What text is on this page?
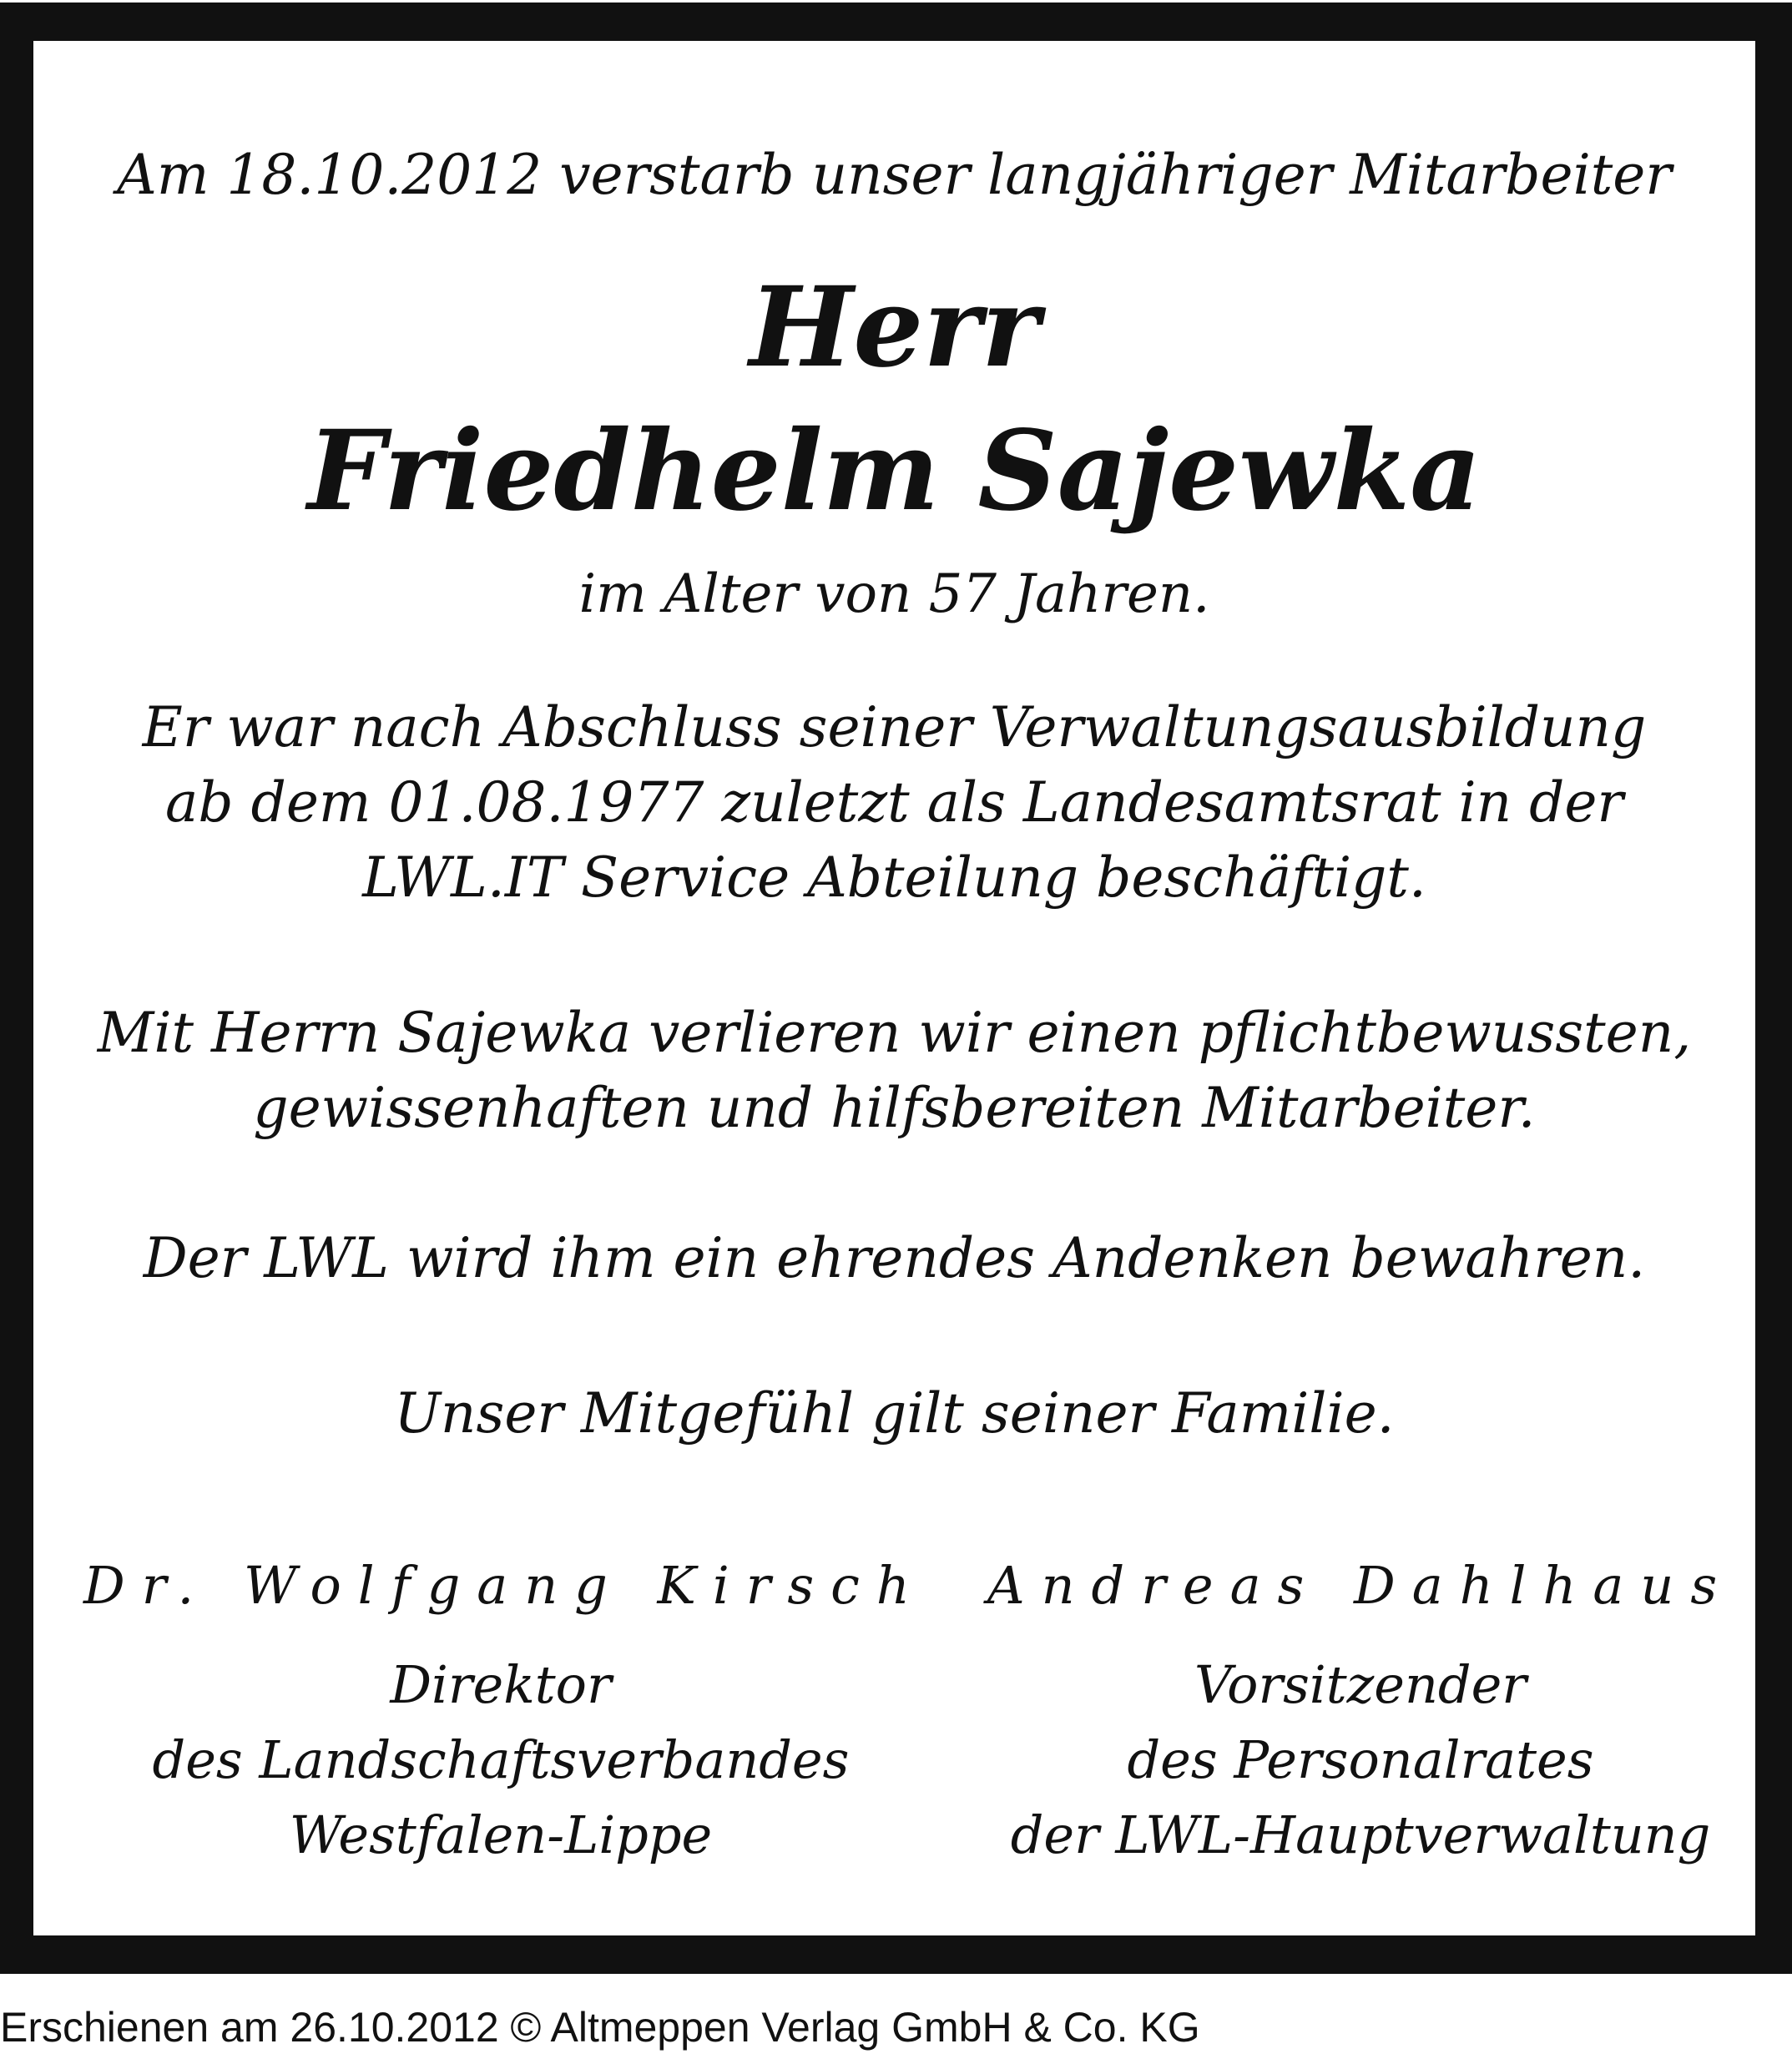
Am 18.10.2012 verstarb unser langjähriger Mitarbeiter
Herr
Friedhelm Sajewka
im Alter von 57 Jahren.
Er war nach Abschluss seiner Verwaltungsausbildung
ab dem 01.08.1977 zuletzt als Landesamtsrat in der
LWL.IT Service Abteilung beschäftigt.
Mit Herrn Sajewka verlieren wir einen pflichtbewussten,
gewissenhaften und hilfsbereiten Mitarbeiter.
Der LWL wird ihm ein ehrendes Andenken bewahren.
Unser Mitgefühl gilt seiner Familie.
Dr. Wolfgang Kirsch
Direktor
des Landschaftsverbandes
Westfalen-Lippe
Andreas Dahlhaus
Vorsitzender
des Personalrates
der LWL-Hauptverwaltung
Erschienen am 26.10.2012 © Altmeppen Verlag GmbH & Co. KG
